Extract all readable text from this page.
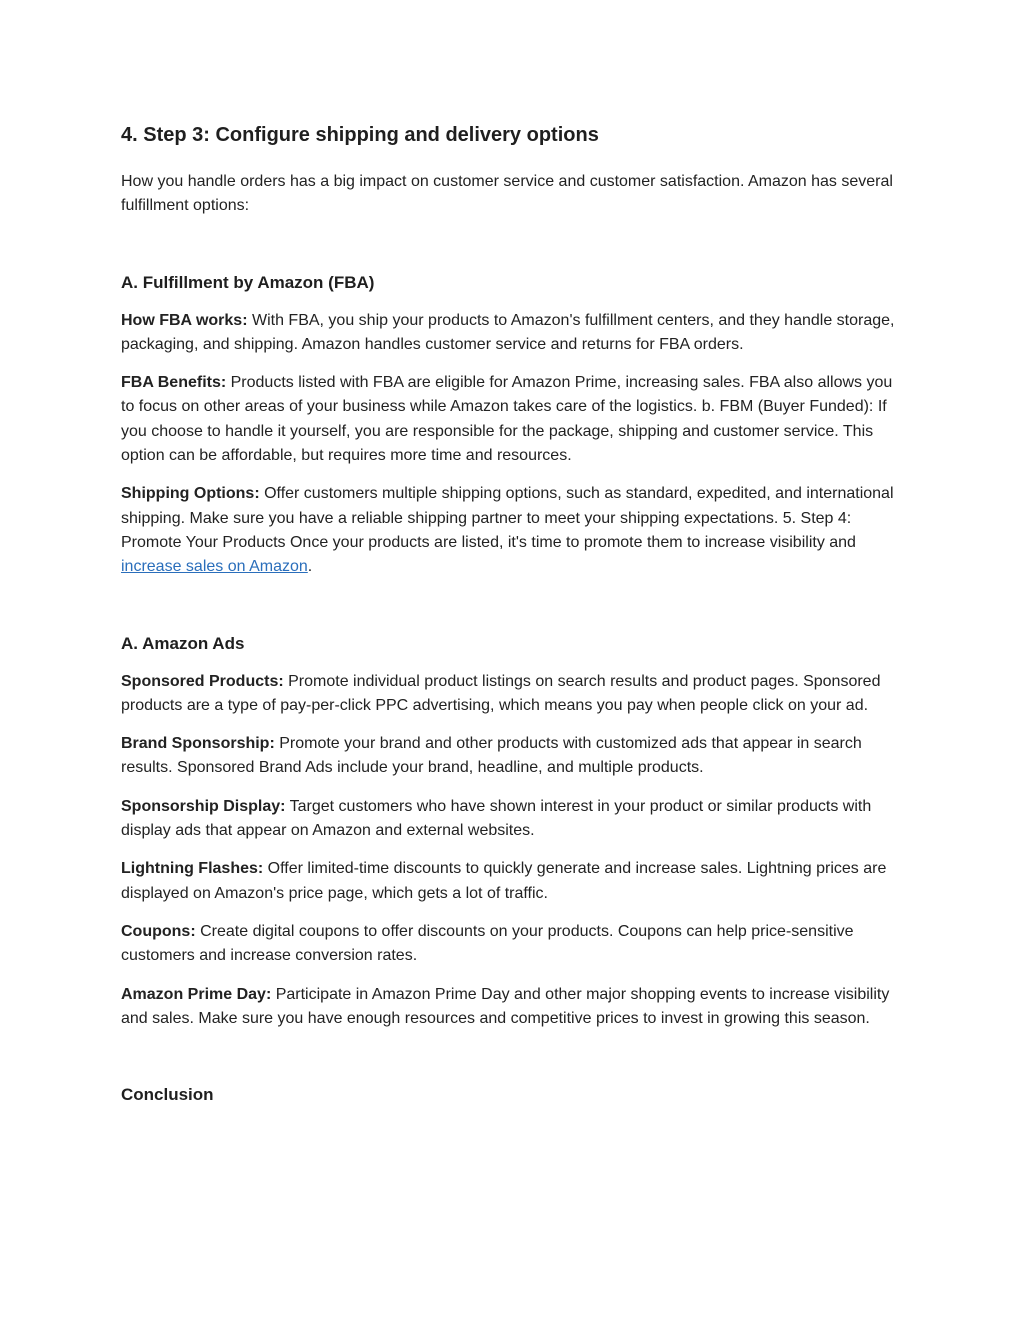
4. Step 3: Configure shipping and delivery options

How you handle orders has a big impact on customer service and customer satisfaction. Amazon has several fulfillment options:

A. Fulfillment by Amazon (FBA)

How FBA works: With FBA, you ship your products to Amazon's fulfillment centers, and they handle storage, packaging, and shipping. Amazon handles customer service and returns for FBA orders.

FBA Benefits: Products listed with FBA are eligible for Amazon Prime, increasing sales. FBA also allows you to focus on other areas of your business while Amazon takes care of the logistics. b. FBM (Buyer Funded): If you choose to handle it yourself, you are responsible for the package, shipping and customer service. This option can be affordable, but requires more time and resources.

Shipping Options: Offer customers multiple shipping options, such as standard, expedited, and international shipping. Make sure you have a reliable shipping partner to meet your shipping expectations. 5. Step 4: Promote Your Products Once your products are listed, it's time to promote them to increase visibility and increase sales on Amazon.

A. Amazon Ads

Sponsored Products: Promote individual product listings on search results and product pages. Sponsored products are a type of pay-per-click PPC advertising, which means you pay when people click on your ad.

Brand Sponsorship: Promote your brand and other products with customized ads that appear in search results. Sponsored Brand Ads include your brand, headline, and multiple products.

Sponsorship Display: Target customers who have shown interest in your product or similar products with display ads that appear on Amazon and external websites.

Lightning Flashes: Offer limited-time discounts to quickly generate and increase sales. Lightning prices are displayed on Amazon's price page, which gets a lot of traffic.

Coupons: Create digital coupons to offer discounts on your products. Coupons can help price-sensitive customers and increase conversion rates.

Amazon Prime Day: Participate in Amazon Prime Day and other major shopping events to increase visibility and sales. Make sure you have enough resources and competitive prices to invest in growing this season.

Conclusion
